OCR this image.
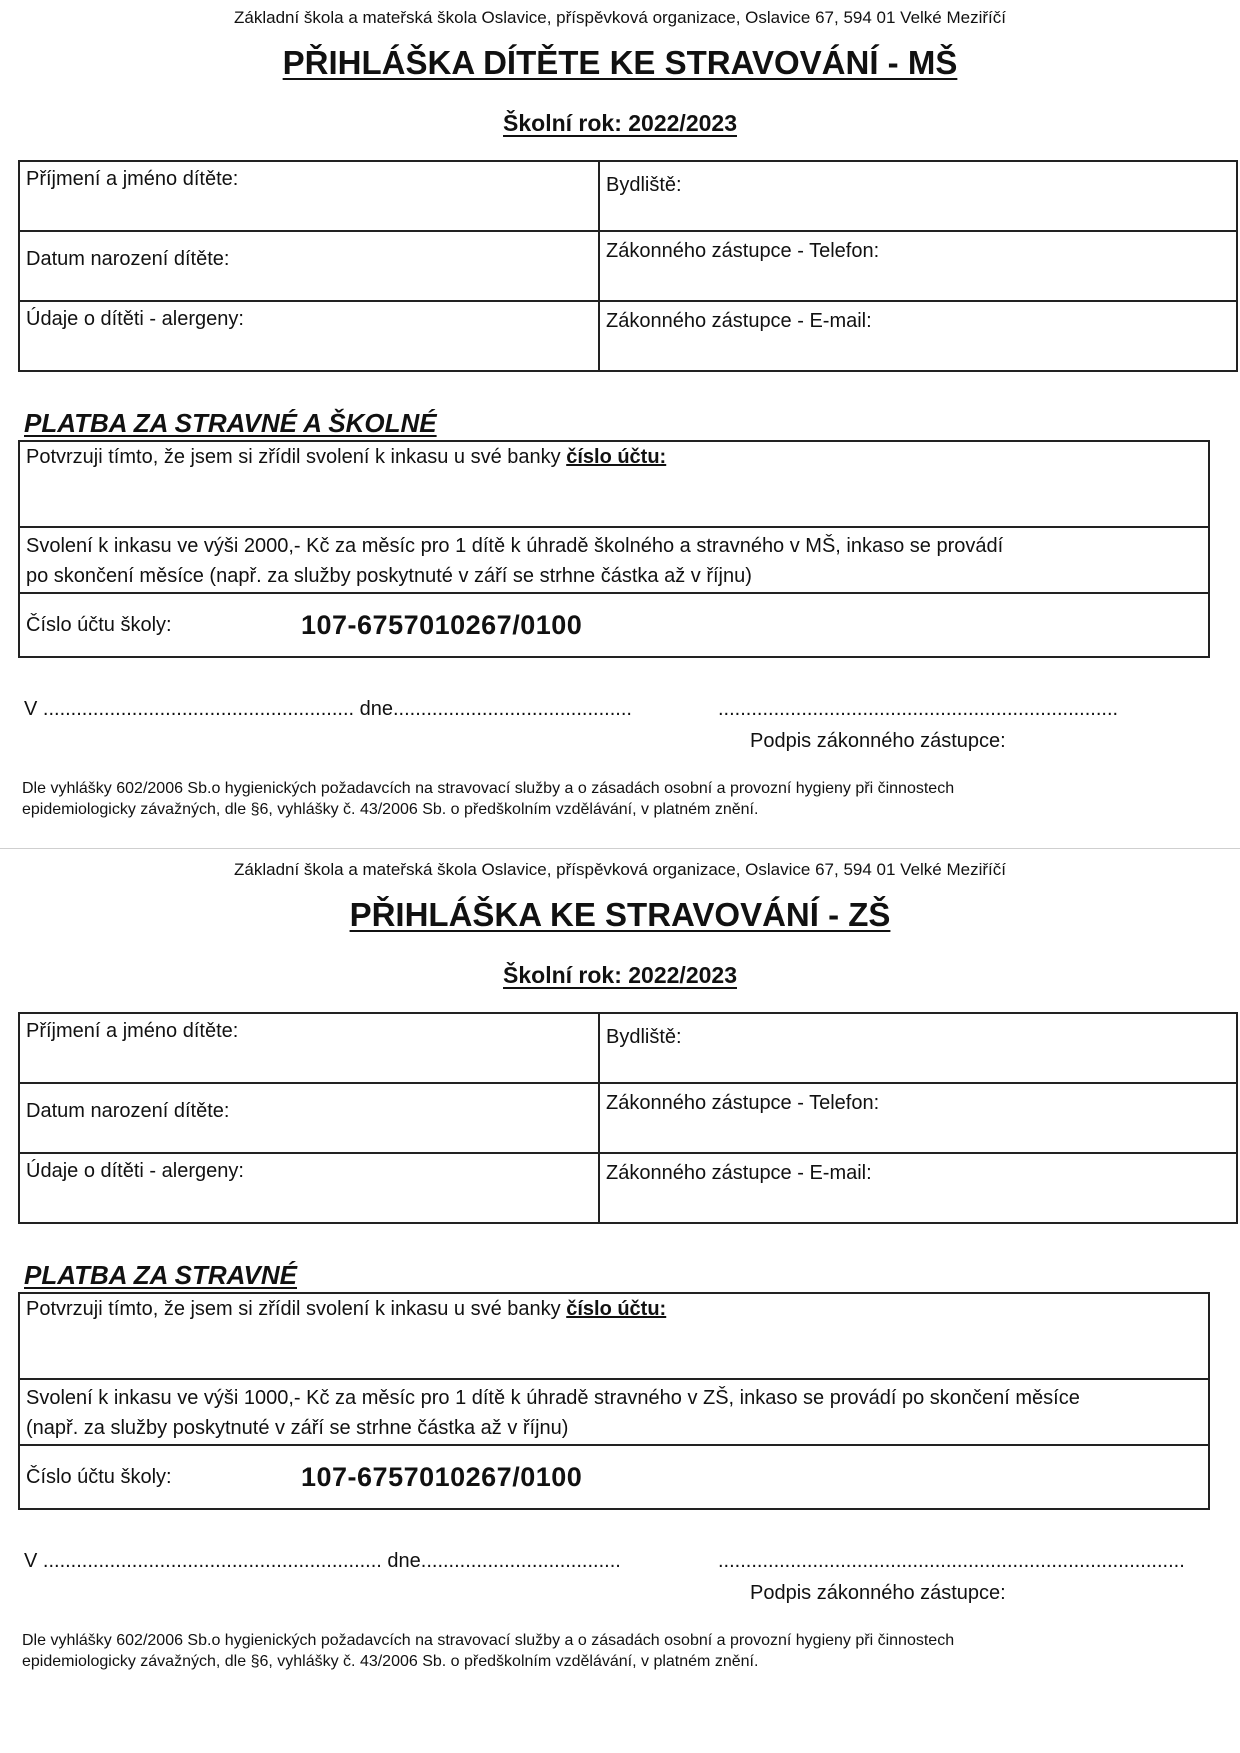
Základní škola a mateřská škola Oslavice, příspěvková organizace, Oslavice 67, 594 01 Velké Meziříčí
PŘIHLÁŠKA DÍTĚTE KE STRAVOVÁNÍ - MŠ
Školní rok: 2022/2023
Příjmení a jméno dítěte:	Bydliště:
Datum narození dítěte:	Zákonného zástupce - Telefon:
Údaje o dítěti - alergeny:	Zákonného zástupce - E-mail:
PLATBA ZA STRAVNÉ A ŠKOLNÉ
Potvrzuji tímto, že jsem si zřídil svolení k inkasu u své banky číslo účtu:
Svolení k inkasu ve výši 2000,- Kč za měsíc pro 1 dítě k úhradě školného a stravného v MŠ, inkaso se provádí
po skončení měsíce (např. za služby poskytnuté v září se strhne částka až v říjnu)
Číslo účtu školy:	107-6757010267/0100
V ........................................................ dne...........................................	........................................................................
Podpis zákonného zástupce:
Dle vyhlášky 602/2006 Sb.o hygienických požadavcích na stravovací služby a o zásadách osobní a provozní hygieny při činnostech
epidemiologicky závažných, dle §6, vyhlášky č. 43/2006 Sb. o předškolním vzdělávání, v platném znění.
Základní škola a mateřská škola Oslavice, příspěvková organizace, Oslavice 67, 594 01 Velké Meziříčí
PŘIHLÁŠKA KE STRAVOVÁNÍ - ZŠ
Školní rok: 2022/2023
Příjmení a jméno dítěte:	Bydliště:
Datum narození dítěte:	Zákonného zástupce - Telefon:
Údaje o dítěti - alergeny:	Zákonného zástupce - E-mail:
PLATBA ZA STRAVNÉ
Potvrzuji tímto, že jsem si zřídil svolení k inkasu u své banky číslo účtu:
Svolení k inkasu ve výši 1000,- Kč za měsíc pro 1 dítě k úhradě stravného v ZŠ, inkaso se provádí po skončení měsíce
(např. za služby poskytnuté v září se strhne částka až v říjnu)
Číslo účtu školy:	107-6757010267/0100
V ............................................................. dne....................................	....................................................................................
Podpis zákonného zástupce:
Dle vyhlášky 602/2006 Sb.o hygienických požadavcích na stravovací služby a o zásadách osobní a provozní hygieny při činnostech
epidemiologicky závažných, dle §6, vyhlášky č. 43/2006 Sb. o předškolním vzdělávání, v platném znění.
